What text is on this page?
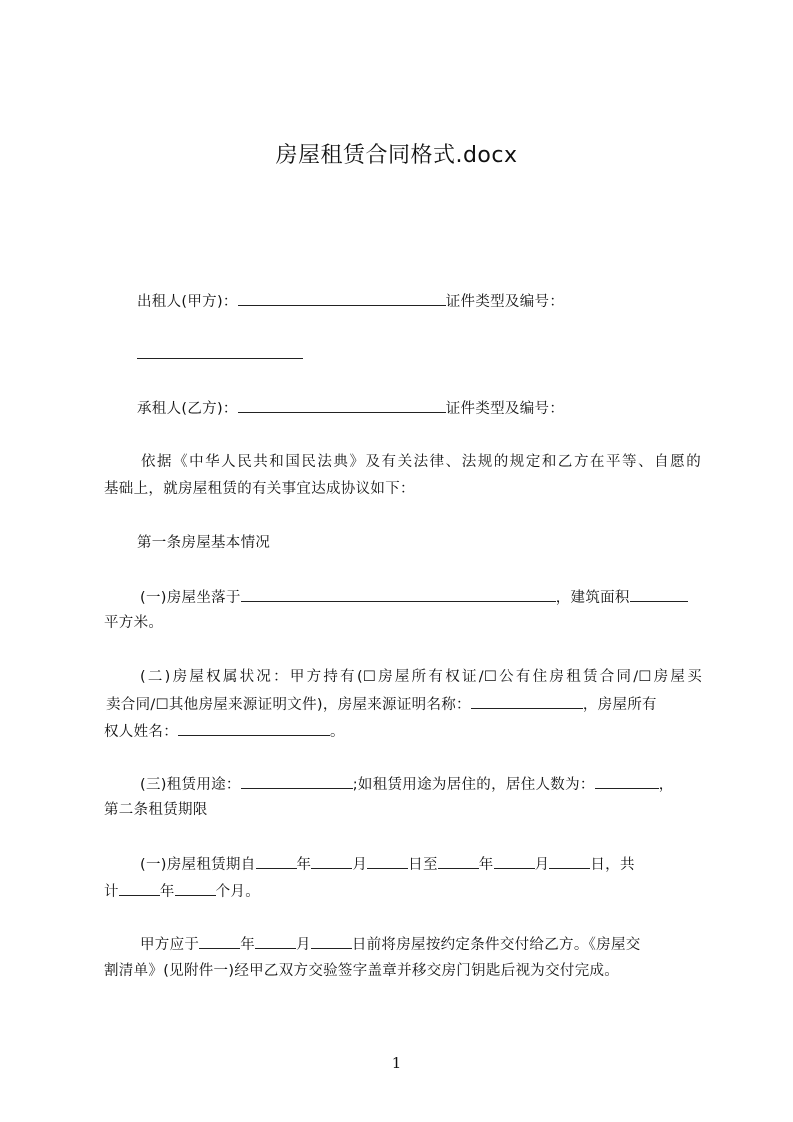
房屋租赁合同格式.docx
出租人(甲方)：	证件类型及编号：
承租人(乙方)：	证件类型及编号：
依据《中华人民共和国民法典》及有关法律、法规的规定和乙方在平等、自愿的
基础上，就房屋租赁的有关事宜达成协议如下：
第一条房屋基本情况
(一)房屋坐落于	，建筑面积
平方米。
(二)房屋权属状况：甲方持有(☐房屋所有权证/☐公有住房租赁合同/☐房屋买
卖合同/☐其他房屋来源证明文件)，房屋来源证明名称：	，房屋所有
权人姓名：	。
(三)租赁用途：	;如租赁用途为居住的，居住人数为：	，
第二条租赁期限
(一)房屋租赁期自	年	月	日至	年	月	日，共
计	年	个月。
甲方应于	年	月	日前将房屋按约定条件交付给乙方。《房屋交
割清单》(见附件一)经甲乙双方交验签字盖章并移交房门钥匙后视为交付完成。
1
